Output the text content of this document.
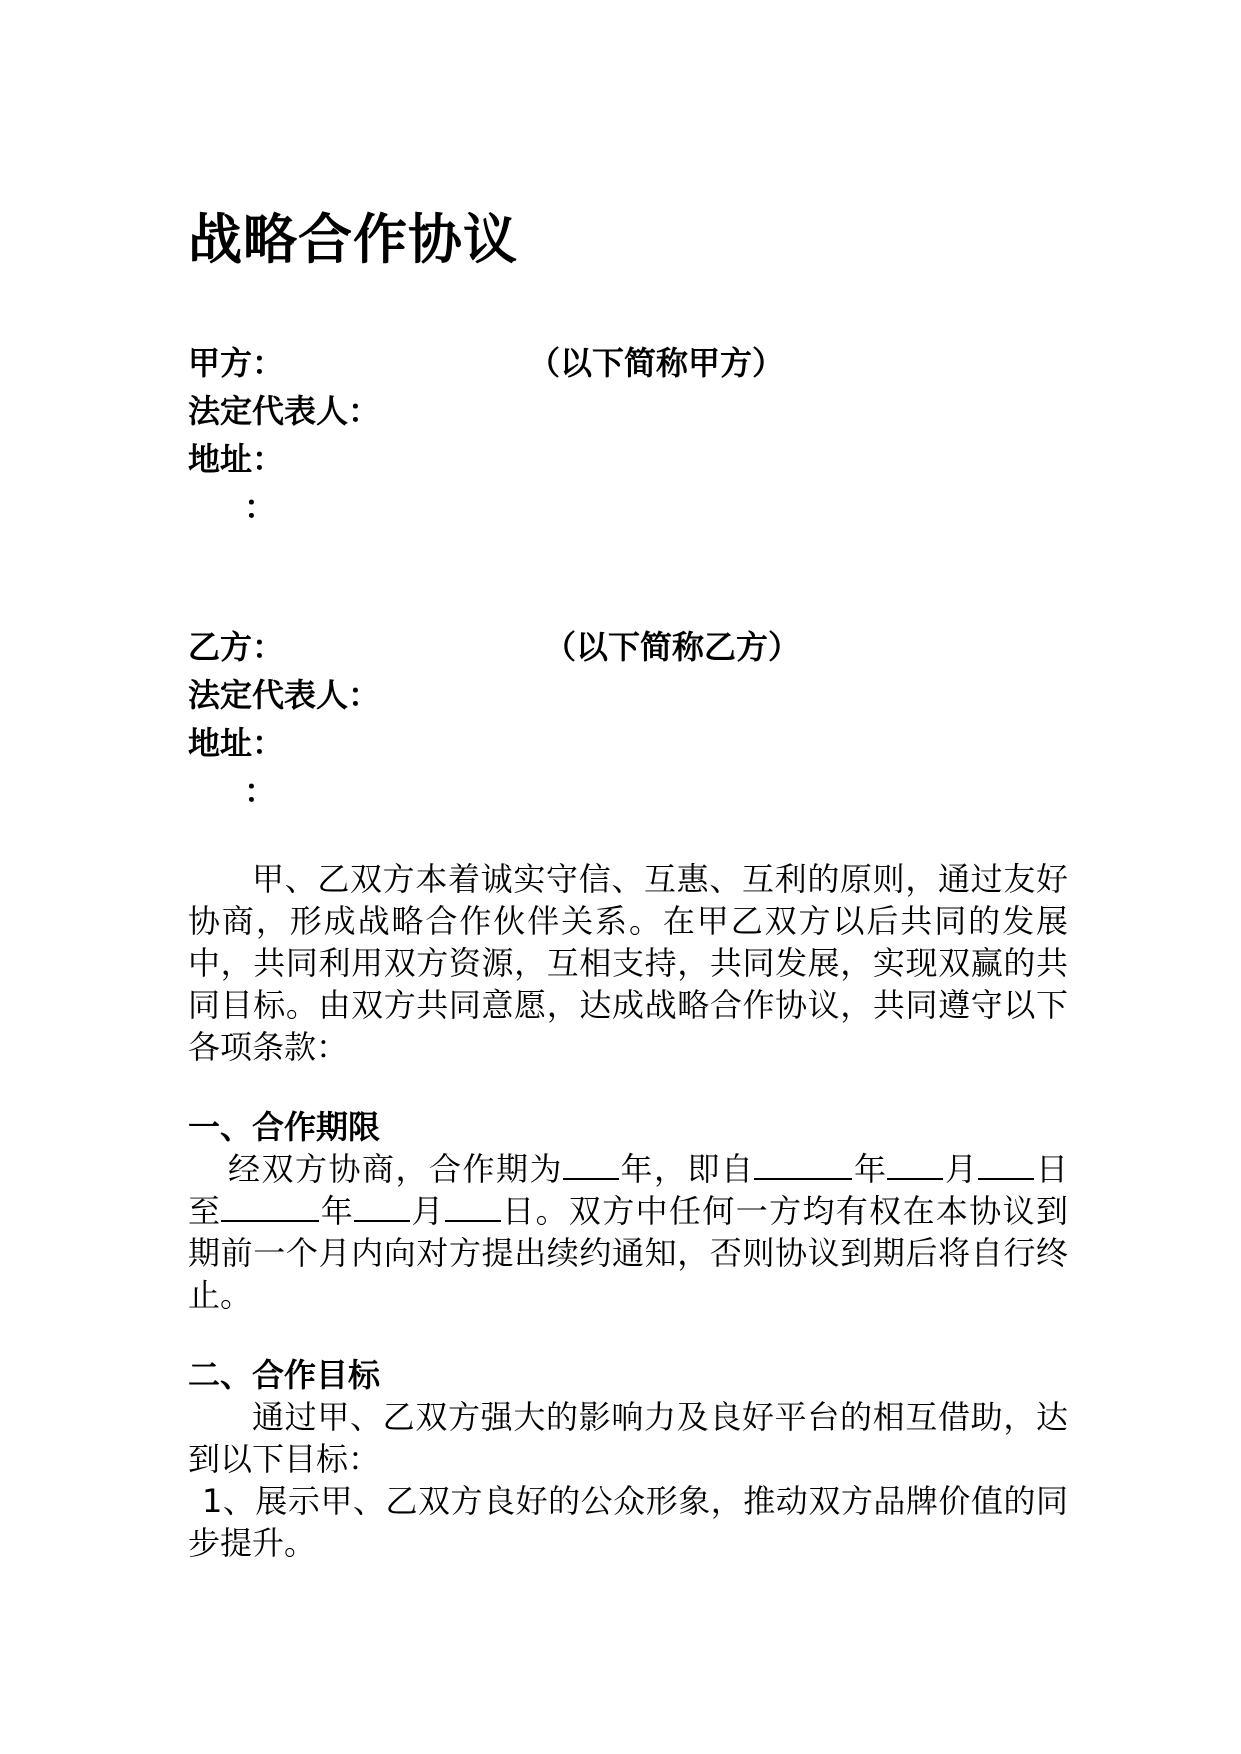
战略合作协议
甲方：	（以下简称甲方）
法定代表人：
地址：
：
乙方：	（以下简称乙方）
法定代表人：
地址：
：

甲、乙双方本着诚实守信、互惠、互利的原则，通过友好协商，形成战略合作伙伴关系。在甲乙双方以后共同的发展中，共同利用双方资源，互相支持，共同发展，实现双赢的共同目标。由双方共同意愿，达成战略合作协议，共同遵守以下各项条款：

一、合作期限

经双方协商，合作期为 年，即自	年 月 日至	年 月 日。双方中任何一方均有权在本协议到期前一个月内向对方提出续约通知，否则协议到期后将自行终止。

二、合作目标

通过甲、乙双方强大的影响力及良好平台的相互借助，达到以下目标：

1、展示甲、乙双方良好的公众形象，推动双方品牌价值的同步提升。
